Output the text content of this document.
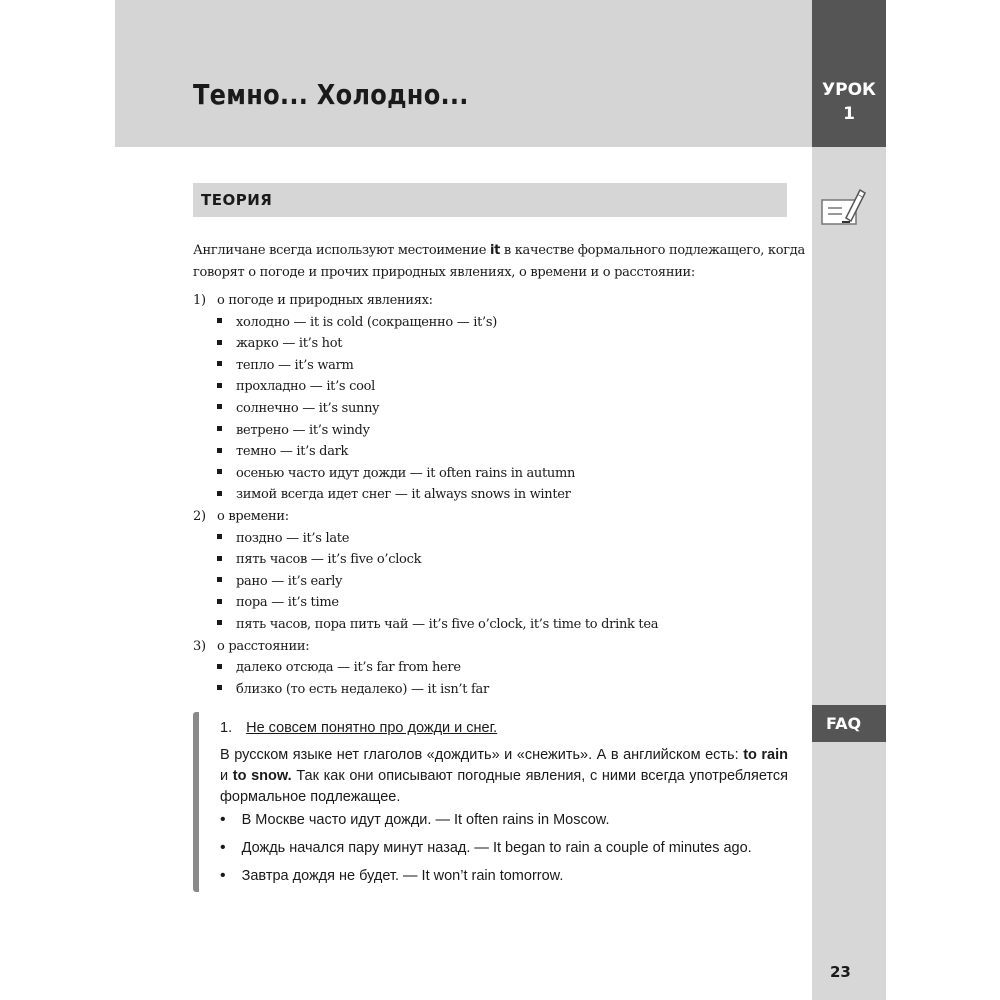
Темно... Холодно...	УРОК
1
FAQ
23
ТЕОРИЯ
Англичане всегда используют местоимение it в качестве формального подлежащего, когда
говорят о погоде и прочих природных явлениях, о времени и о расстоянии:
1) о погоде и природных явлениях:
холодно — it is cold (сокращенно — it’s)
жарко — it’s hot
тепло — it’s warm
прохладно — it’s cool
солнечно — it’s sunny
ветрено — it’s windy
темно — it’s dark
осенью часто идут дожди — it often rains in autumn
зимой всегда идет снег — it always snows in winter
2) о времени:
поздно — it’s late
пять часов — it’s five o’clock
рано — it’s early
пора — it’s time
пять часов, пора пить чай — it’s five o’clock, it’s time to drink tea
3) о расстоянии:
далеко отсюда — it’s far from here
близко (то есть недалеко) — it isn’t far
1. Не совсем понятно про дожди и снег.
В русском языке нет глаголов «дождить» и «снежить». А в английском есть: to rain и to snow. Так как они описывают погодные явления, с ними всегда употребляется формальное подлежащее.
• В Москве часто идут дожди. — It often rains in Moscow.
• Дождь начался пару минут назад. — It began to rain a couple of minutes ago.
• Завтра дождя не будет. — It won’t rain tomorrow.
